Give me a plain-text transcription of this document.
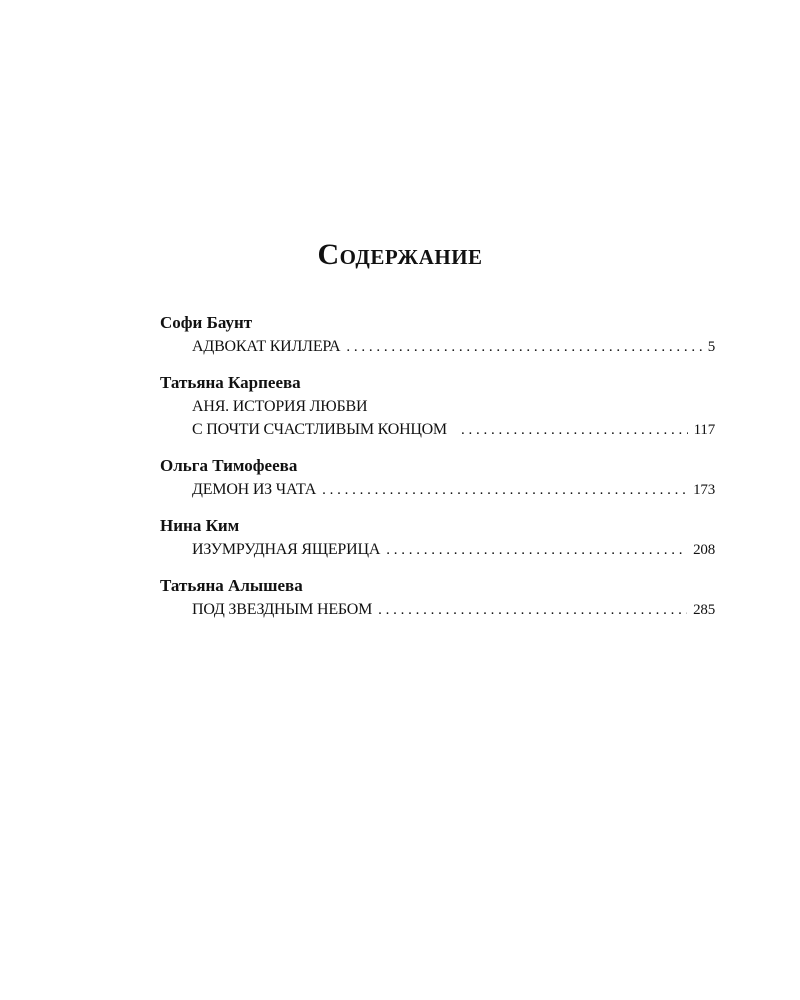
Содержание
Софи Баунт
АДВОКАТ КИЛЛЕРА . . .	5
Татьяна Карпеева
АНЯ. ИСТОРИЯ ЛЮБВИ
С ПОЧТИ СЧАСТЛИВЫМ КОНЦОМ . . .	117
Ольга Тимофеева
ДЕМОН ИЗ ЧАТА . . .	173
Нина Ким
ИЗУМРУДНАЯ ЯЩЕРИЦА . . .	208
Татьяна Алышева
ПОД ЗВЕЗДНЫМ НЕБОМ . . .	285
